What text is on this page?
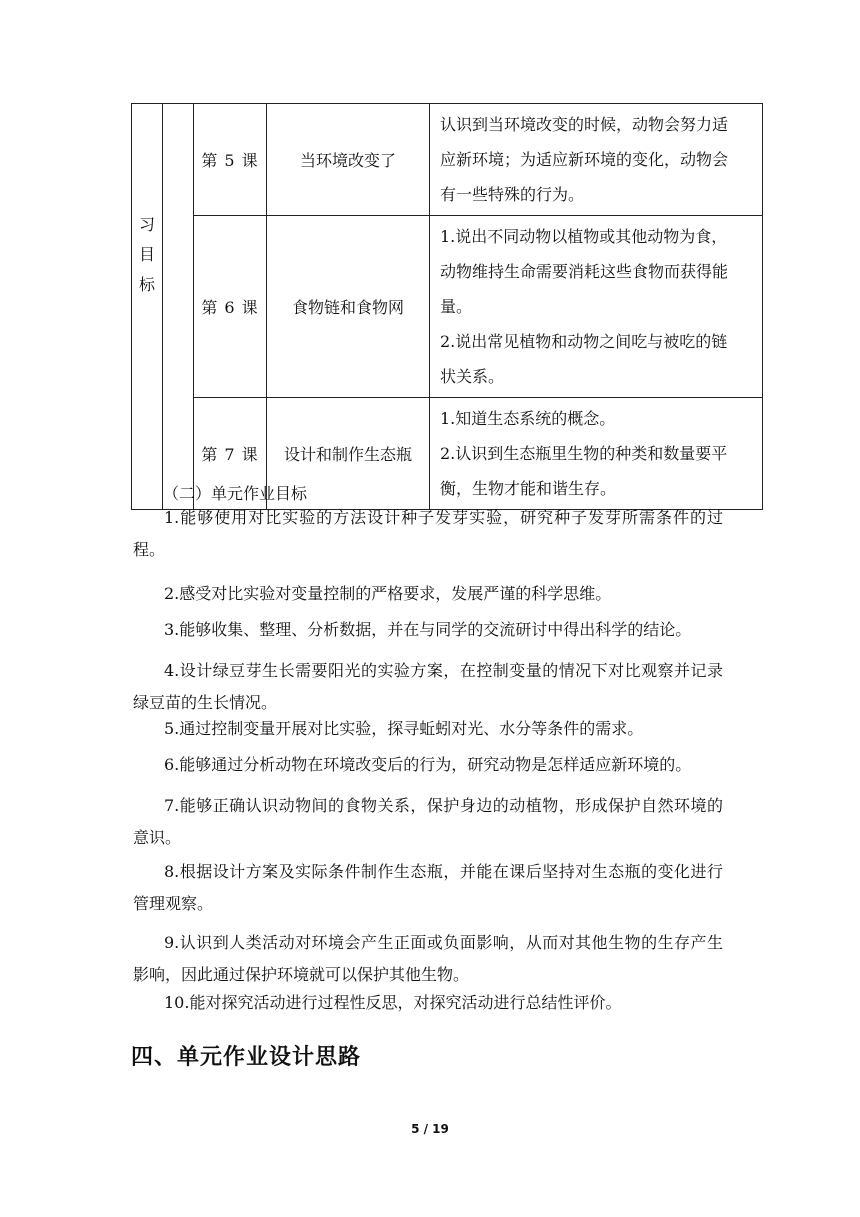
习目标		第 5 课	当环境改变了	认识到当环境改变的时候，动物会努力适
应新环境；为适应新环境的变化，动物会
有一些特殊的行为。

		第 6 课	食物链和食物网	1.说出不同动物以植物或其他动物为食，
动物维持生命需要消耗这些食物而获得能
量。
2.说出常见植物和动物之间吃与被吃的链
状关系。

		第 7 课	设计和制作生态瓶	1.知道生态系统的概念。
2.认识到生态瓶里生物的种类和数量要平
衡，生物才能和谐生存。
（二）单元作业目标

1.能够使用对比实验的方法设计种子发芽实验，研究种子发芽所需条件的过程。

2.感受对比实验对变量控制的严格要求，发展严谨的科学思维。

3.能够收集、整理、分析数据，并在与同学的交流研讨中得出科学的结论。

4.设计绿豆芽生长需要阳光的实验方案，在控制变量的情况下对比观察并记录绿豆苗的生长情况。

5.通过控制变量开展对比实验，探寻蚯蚓对光、水分等条件的需求。

6.能够通过分析动物在环境改变后的行为，研究动物是怎样适应新环境的。

7.能够正确认识动物间的食物关系，保护身边的动植物，形成保护自然环境的意识。

8.根据设计方案及实际条件制作生态瓶，并能在课后坚持对生态瓶的变化进行管理观察。

9.认识到人类活动对环境会产生正面或负面影响，从而对其他生物的生存产生影响，因此通过保护环境就可以保护其他生物。

10.能对探究活动进行过程性反思，对探究活动进行总结性评价。

四、单元作业设计思路
5 / 19
